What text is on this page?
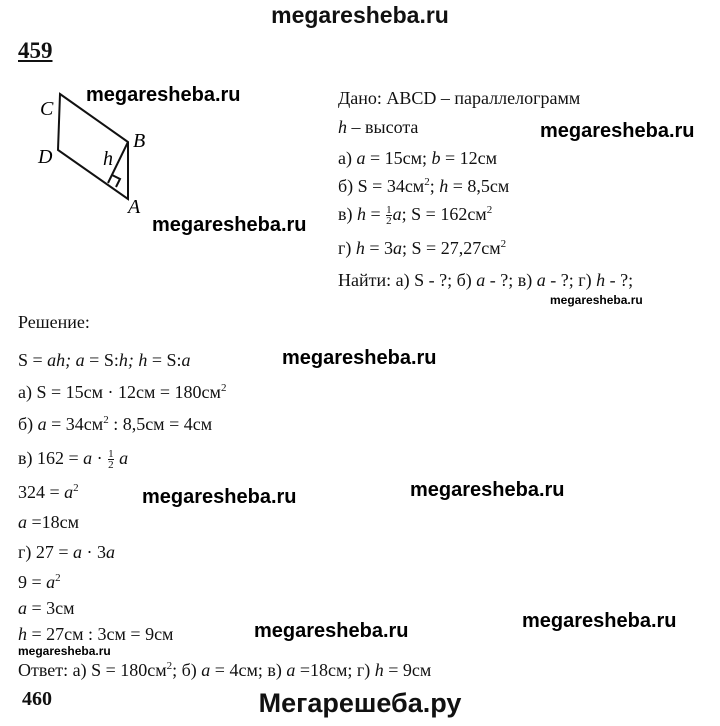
megaresheba.ru
459
C
D
B
A
h
Дано: ABCD – параллелограмм
h – высота
а) a = 15см; b = 12см
б) $S = 34см^2$; h = 8,5см
в) $h = \frac{1}{2} a$; $S = 162см^2$
г) h = 3a; $S = 27,27см^2$
Найти: а) S - ?; б) a - ?; в) a - ?; г) h - ?;
Решение:
S = ah; a = S:h; h = S:a
а) $S = 15см \cdot 12см = 180см^2$
б) $a = 34см^2$ : 8,5см = 4см
в) $162 = a \cdot \frac{1}{2}$ a
$324 = a^2$
a =18см
г) 27 = a · 3a
$9 = a^2$
a = 3см
h = 27см : 3см = 9см
Ответ: а) $S = 180см^2$; б) a = 4см; в) a =18см; г) h = 9см
460	Мегарешеба.ру
megaresheba.ru
megaresheba.ru
megaresheba.ru
megaresheba.ru
megaresheba.ru
megaresheba.ru	megaresheba.ru
megaresheba.ru	megaresheba.ru
megaresheba.ru
